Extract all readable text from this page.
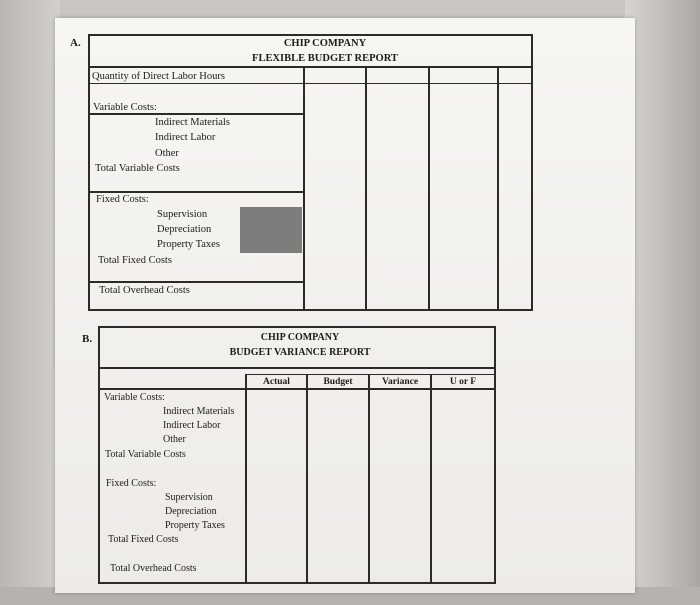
A.	CHIP COMPANY
FLEXIBLE BUDGET REPORT
Quantity of Direct Labor Hours
Variable Costs:
Indirect Materials
Indirect Labor
Other
Total Variable Costs
Fixed Costs:
Supervision
Depreciation
Property Taxes
Total Fixed Costs
Total Overhead Costs
B.	CHIP COMPANY
BUDGET VARIANCE REPORT
Actual	Budget	Variance	U or F
Variable Costs:
Indirect Materials
Indirect Labor
Other
Total Variable Costs
Fixed Costs:
Supervision
Depreciation
Property Taxes
Total Fixed Costs
Total Overhead Costs
